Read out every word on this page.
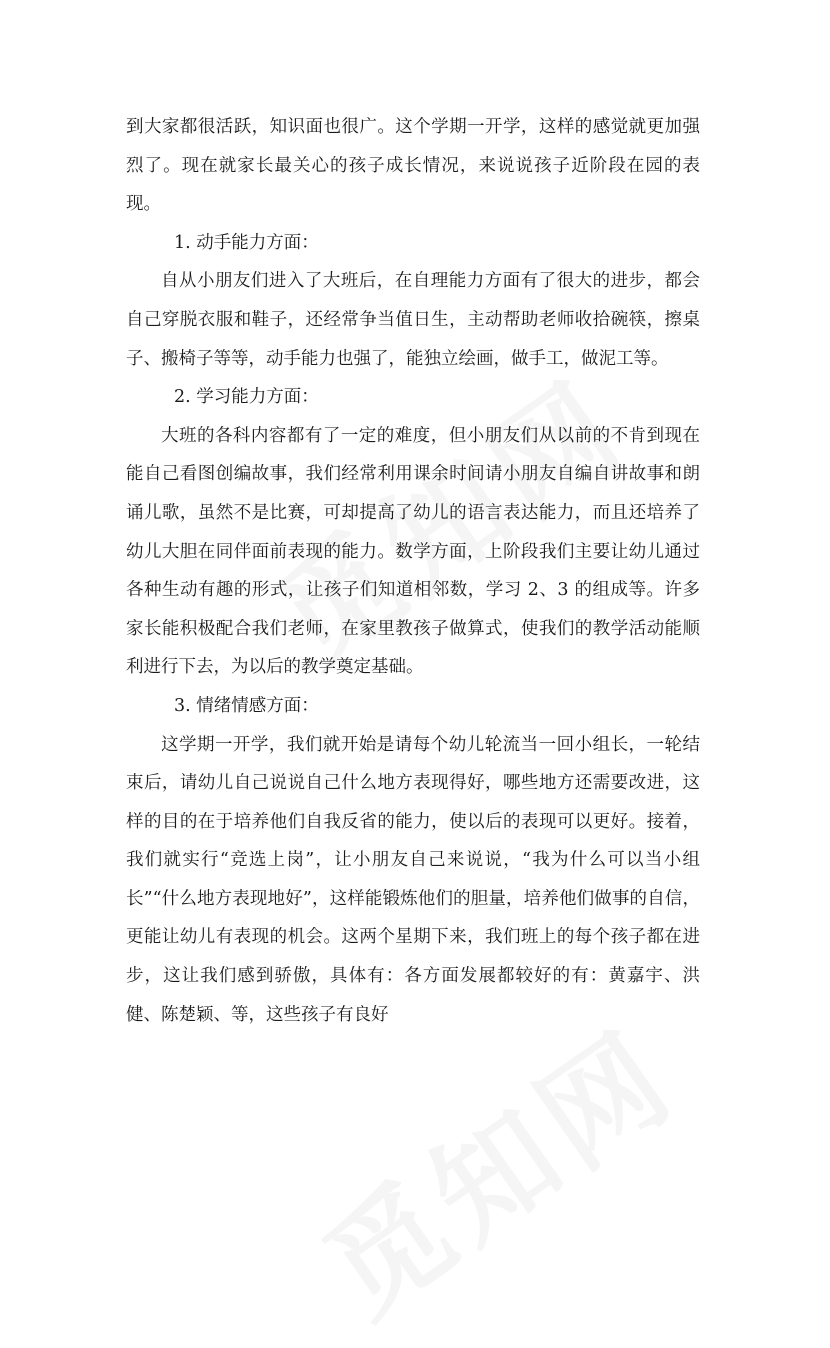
到大家都很活跃，知识面也很广。这个学期一开学，这样的感觉就更加强烈了。现在就家长最关心的孩子成长情况，来说说孩子近阶段在园的表现。

1. 动手能力方面：

自从小朋友们进入了大班后，在自理能力方面有了很大的进步，都会自己穿脱衣服和鞋子，还经常争当值日生，主动帮助老师收拾碗筷，擦桌子、搬椅子等等，动手能力也强了，能独立绘画，做手工，做泥工等。

2. 学习能力方面：

大班的各科内容都有了一定的难度，但小朋友们从以前的不肯到现在能自己看图创编故事，我们经常利用课余时间请小朋友自编自讲故事和朗诵儿歌，虽然不是比赛，可却提高了幼儿的语言表达能力，而且还培养了幼儿大胆在同伴面前表现的能力。数学方面，上阶段我们主要让幼儿通过各种生动有趣的形式，让孩子们知道相邻数，学习 2、3 的组成等。许多家长能积极配合我们老师，在家里教孩子做算式，使我们的教学活动能顺利进行下去，为以后的教学奠定基础。

3. 情绪情感方面：

这学期一开学，我们就开始是请每个幼儿轮流当一回小组长，一轮结束后，请幼儿自己说说自己什么地方表现得好，哪些地方还需要改进，这样的目的在于培养他们自我反省的能力，使以后的表现可以更好。接着，我们就实行“竞选上岗”，让小朋友自己来说说，“我为什么可以当小组长”“什么地方表现地好”，这样能锻炼他们的胆量，培养他们做事的自信，更能让幼儿有表现的机会。这两个星期下来，我们班上的每个孩子都在进步，这让我们感到骄傲，具体有：各方面发展都较好的有：黄嘉宇、洪健、陈楚颖、等，这些孩子有良好
